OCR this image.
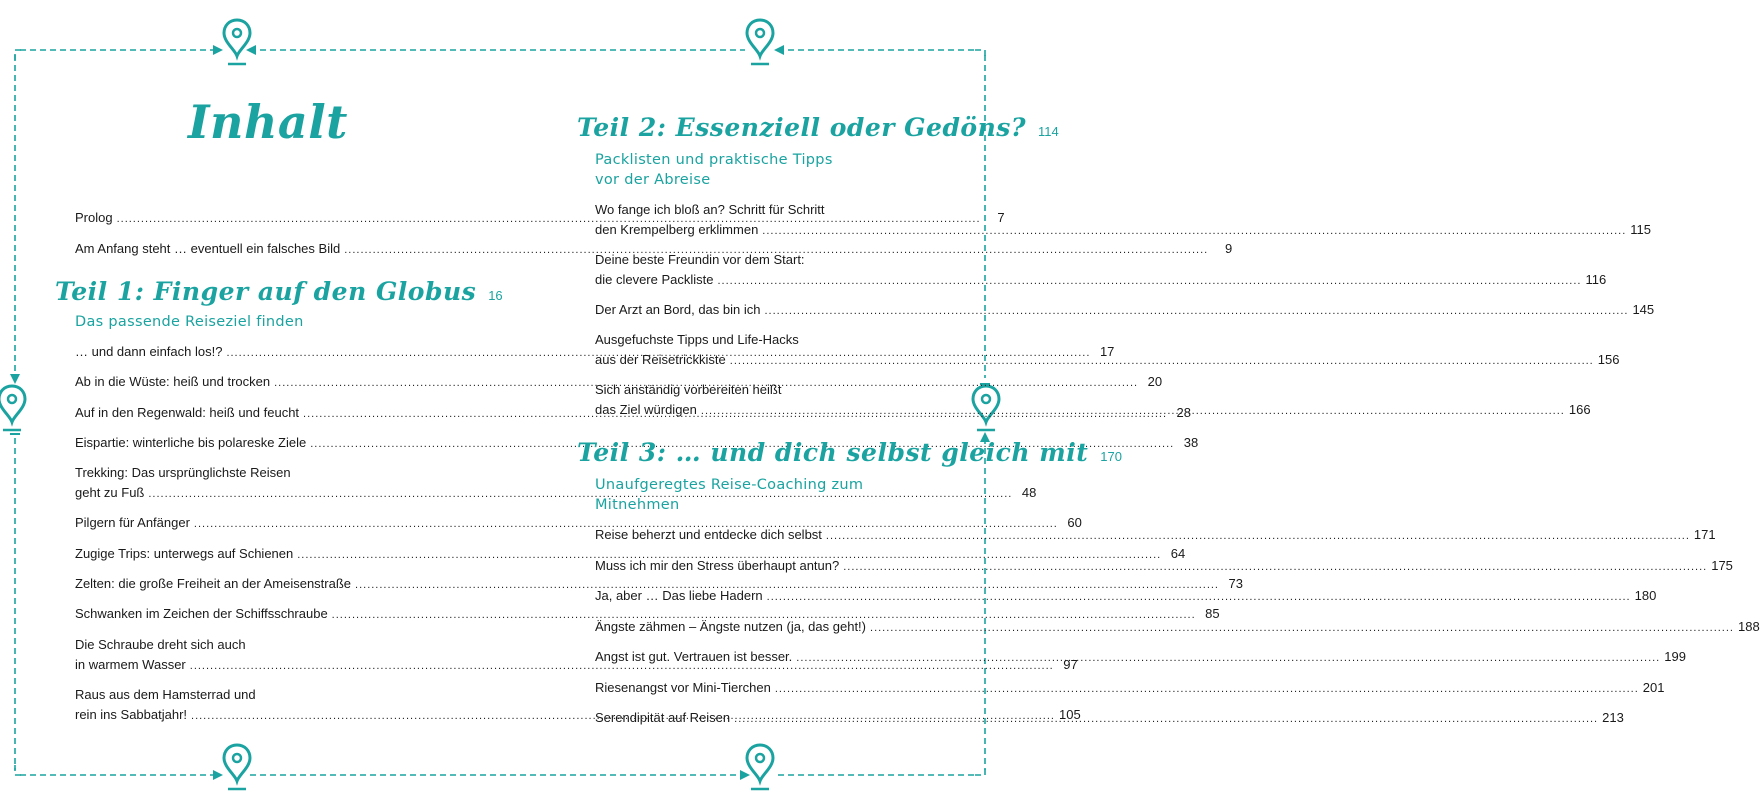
Inhalt
Prolog .....	7
Am Anfang steht … eventuell ein falsches Bild .....	9
Teil 1: Finger auf den Globus 16
Das passende Reiseziel finden
… und dann einfach los!? .....	17
Ab in die Wüste: heiß und trocken .....	20
Auf in den Regenwald: heiß und feucht .....	28
Eispartie: winterliche bis polareske Ziele .....	38
Trekking: Das ursprünglichste Reisen
geht zu Fuß .....	48
Pilgern für Anfänger .....	60
Zugige Trips: unterwegs auf Schienen .....	64
Zelten: die große Freiheit an der Ameisenstraße .....	73
Schwanken im Zeichen der Schiffsschraube .....	85
Die Schraube dreht sich auch
in warmem Wasser .....	97
Raus aus dem Hamsterrad und
rein ins Sabbatjahr! .....	105
Teil 2: Essenziell oder Gedöns? 114
Packlisten und praktische Tipps
vor der Abreise
Wo fange ich bloß an? Schritt für Schritt
den Krempelberg erklimmen .....	115
Deine beste Freundin vor dem Start:
die clevere Packliste .....	116
Der Arzt an Bord, das bin ich .....	145
Ausgefuchste Tipps und Life-Hacks
aus der Reisetrickkiste .....	156
Sich anständig vorbereiten heißt
das Ziel würdigen .....	166
Teil 3: … und dich selbst gleich mit 170
Unaufgeregtes Reise-Coaching zum
Mitnehmen
Reise beherzt und entdecke dich selbst .....	171
Muss ich mir den Stress überhaupt antun? .....	175
Ja, aber … Das liebe Hadern .....	180
Ängste zähmen – Ängste nutzen (ja, das geht!) .....	188
Angst ist gut. Vertrauen ist besser. .....	199
Riesenangst vor Mini-Tierchen .....	201
Serendipität auf Reisen .....	213
